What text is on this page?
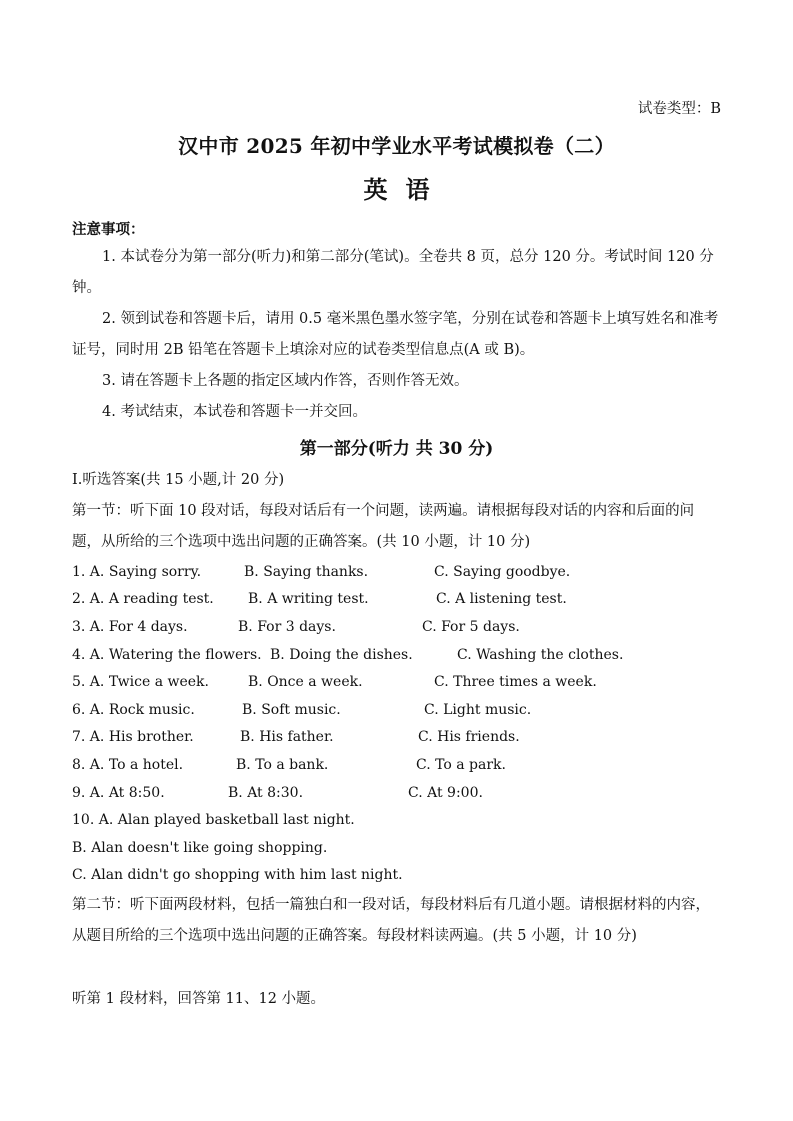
试卷类型：B
汉中市 2025 年初中学业水平考试模拟卷（二）
英语
注意事项：
1. 本试卷分为第一部分(听力)和第二部分(笔试)。全卷共 8 页，总分 120 分。考试时间 120 分钟。
2. 领到试卷和答题卡后，请用 0.5 毫米黑色墨水签字笔，分别在试卷和答题卡上填写姓名和准考证号，同时用 2B 铅笔在答题卡上填涂对应的试卷类型信息点(A 或 B)。
3. 请在答题卡上各题的指定区域内作答，否则作答无效。
4. 考试结束，本试卷和答题卡一并交回。
第一部分(听力 共 30 分)
Ⅰ.听选答案(共 15 小题,计 20 分)
第一节：听下面 10 段对话，每段对话后有一个问题，读两遍。请根据每段对话的内容和后面的问题，从所给的三个选项中选出问题的正确答案。(共 10 小题，计 10 分)
1. A. Saying sorry.	B. Saying thanks.	C. Saying goodbye.
2. A. A reading test. B. A writing test.	C. A listening test.
3. A. For 4 days.	B. For 3 days.	C. For 5 days.
4. A. Watering the flowers. B. Doing the dishes.	C. Washing the clothes.
5. A. Twice a week.	B. Once a week.	C. Three times a week.
6. A. Rock music.	B. Soft music.	C. Light music.
7. A. His brother.	B. His father.	C. His friends.
8. A. To a hotel.	B. To a bank.	C. To a park.
9. A. At 8:50.	B. At 8:30.	C. At 9:00.
10. A. Alan played basketball last night.
B. Alan doesn't like going shopping.
C. Alan didn't go shopping with him last night.
第二节：听下面两段材料，包括一篇独白和一段对话，每段材料后有几道小题。请根据材料的内容，从题目所给的三个选项中选出问题的正确答案。每段材料读两遍。(共 5 小题，计 10 分)
听第 1 段材料，回答第 11、12 小题。
